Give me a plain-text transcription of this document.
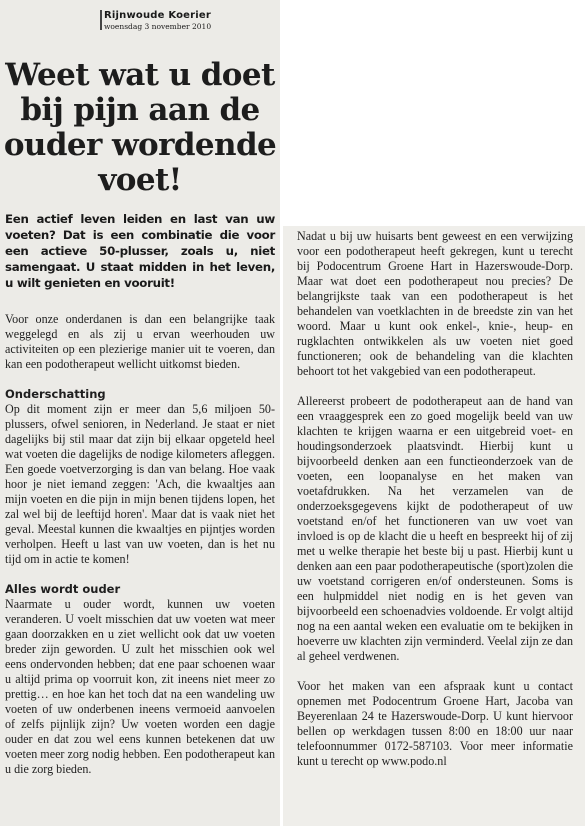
Rijnwoude Koerier
woensdag 3 november 2010
Weet wat u doet bij pijn aan de ouder wordende voet!

Een actief leven leiden en last van uw voeten? Dat is een combinatie die voor een actieve 50-plusser, zoals u, niet samengaat. U staat midden in het leven, u wilt genieten en vooruit!

Voor onze onderdanen is dan een belangrijke taak weggelegd en als zij u ervan weerhouden uw activiteiten op een plezierige manier uit te voeren, dan kan een podotherapeut wellicht uitkomst bieden.

Onderschatting

Op dit moment zijn er meer dan 5,6 miljoen 50-plussers, ofwel senioren, in Nederland. Je staat er niet dagelijks bij stil maar dat zijn bij elkaar opgeteld heel wat voeten die dagelijks de nodige kilometers afleggen. Een goede voetverzorging is dan van belang. Hoe vaak hoor je niet iemand zeggen: 'Ach, die kwaaltjes aan mijn voeten en die pijn in mijn benen tijdens lopen, het zal wel bij de leeftijd horen'. Maar dat is vaak niet het geval. Meestal kunnen die kwaaltjes en pijntjes worden verholpen. Heeft u last van uw voeten, dan is het nu tijd om in actie te komen!

Alles wordt ouder

Naarmate u ouder wordt, kunnen uw voeten veranderen. U voelt misschien dat uw voeten wat meer gaan doorzakken en u ziet wellicht ook dat uw voeten breder zijn geworden. U zult het misschien ook wel eens ondervonden hebben; dat ene paar schoenen waar u altijd prima op voorruit kon, zit ineens niet meer zo prettig… en hoe kan het toch dat na een wandeling uw voeten of uw onderbenen ineens vermoeid aanvoelen of zelfs pijnlijk zijn? Uw voeten worden een dagje ouder en dat zou wel eens kunnen betekenen dat uw voeten meer zorg nodig hebben. Een podotherapeut kan u die zorg bieden.

Nadat u bij uw huisarts bent geweest en een verwijzing voor een podotherapeut heeft gekregen, kunt u terecht bij Podocentrum Groene Hart in Hazerswoude-Dorp. Maar wat doet een podotherapeut nou precies? De belangrijkste taak van een podotherapeut is het behandelen van voetklachten in de breedste zin van het woord. Maar u kunt ook enkel-, knie-, heup- en rugklachten ontwikkelen als uw voeten niet goed functioneren; ook de behandeling van die klachten behoort tot het vakgebied van een podotherapeut.

Allereerst probeert de podotherapeut aan de hand van een vraaggesprek een zo goed mogelijk beeld van uw klachten te krijgen waarna er een uitgebreid voet- en houdingsonderzoek plaatsvindt. Hierbij kunt u bijvoorbeeld denken aan een functieonderzoek van de voeten, een loopanalyse en het maken van voetafdrukken. Na het verzamelen van de onderzoeksgegevens kijkt de podotherapeut of uw voetstand en/of het functioneren van uw voet van invloed is op de klacht die u heeft en bespreekt hij of zij met u welke therapie het beste bij u past. Hierbij kunt u denken aan een paar podotherapeutische (sport)zolen die uw voetstand corrigeren en/of ondersteunen. Soms is een hulpmiddel niet nodig en is het geven van bijvoorbeeld een schoenadvies voldoende. Er volgt altijd nog na een aantal weken een evaluatie om te bekijken in hoeverre uw klachten zijn verminderd. Veelal zijn ze dan al geheel verdwenen.

Voor het maken van een afspraak kunt u contact opnemen met Podocentrum Groene Hart, Jacoba van Beyerenlaan 24 te Hazerswoude-Dorp. U kunt hiervoor bellen op werkdagen tussen 8:00 en 18:00 uur naar telefoonnummer 0172-587103. Voor meer informatie kunt u terecht op www.podo.nl
